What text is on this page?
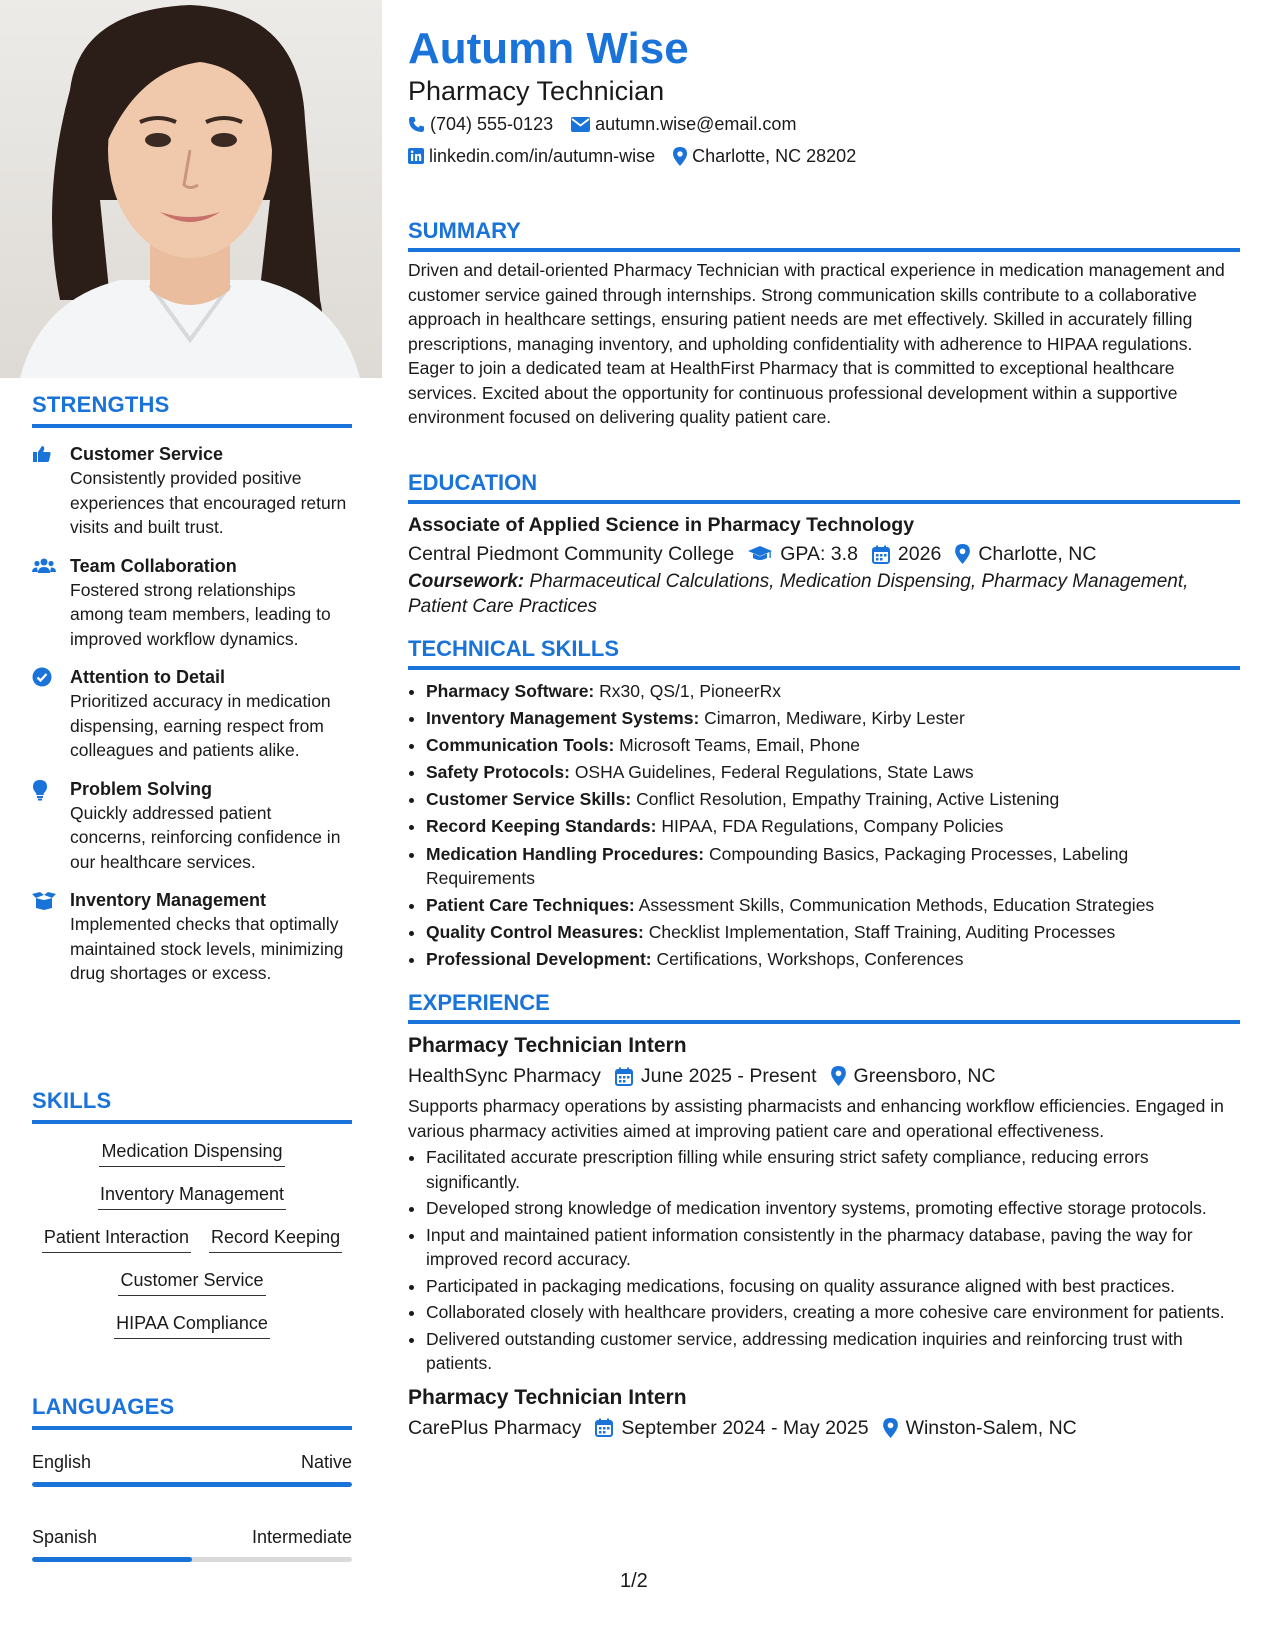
STRENGTHS
Customer Service
Consistently provided positive experiences that encouraged return visits and built trust.
Team Collaboration
Fostered strong relationships among team members, leading to improved workflow dynamics.
Attention to Detail
Prioritized accuracy in medication dispensing, earning respect from colleagues and patients alike.
Problem Solving
Quickly addressed patient concerns, reinforcing confidence in our healthcare services.
Inventory Management
Implemented checks that optimally maintained stock levels, minimizing drug shortages or excess.
SKILLS
Medication Dispensing
Inventory Management
Patient Interaction Record Keeping
Customer Service
HIPAA Compliance
LANGUAGES
English	Native
Spanish	Intermediate
Autumn Wise
Pharmacy Technician
(704) 555-0123 autumn.wise@email.com
linkedin.com/in/autumn-wise Charlotte, NC 28202
SUMMARY

Driven and detail-oriented Pharmacy Technician with practical experience in medication management and customer service gained through internships. Strong communication skills contribute to a collaborative approach in healthcare settings, ensuring patient needs are met effectively. Skilled in accurately filling prescriptions, managing inventory, and upholding confidentiality with adherence to HIPAA regulations. Eager to join a dedicated team at HealthFirst Pharmacy that is committed to exceptional healthcare services. Excited about the opportunity for continuous professional development within a supportive environment focused on delivering quality patient care.

EDUCATION
Associate of Applied Science in Pharmacy Technology
Central Piedmont Community College GPA: 3.8 2026 Charlotte, NC
Coursework: Pharmaceutical Calculations, Medication Dispensing, Pharmacy Management, Patient Care Practices
TECHNICAL SKILLS
• Pharmacy Software: Rx30, QS/1, PioneerRx
• Inventory Management Systems: Cimarron, Mediware, Kirby Lester
• Communication Tools: Microsoft Teams, Email, Phone
• Safety Protocols: OSHA Guidelines, Federal Regulations, State Laws
• Customer Service Skills: Conflict Resolution, Empathy Training, Active Listening
• Record Keeping Standards: HIPAA, FDA Regulations, Company Policies
• Medication Handling Procedures: Compounding Basics, Packaging Processes, Labeling Requirements
• Patient Care Techniques: Assessment Skills, Communication Methods, Education Strategies
• Quality Control Measures: Checklist Implementation, Staff Training, Auditing Processes
• Professional Development: Certifications, Workshops, Conferences
EXPERIENCE
Pharmacy Technician Intern
HealthSync Pharmacy June 2025 - Present Greensboro, NC

Supports pharmacy operations by assisting pharmacists and enhancing workflow efficiencies. Engaged in various pharmacy activities aimed at improving patient care and operational effectiveness.

• Facilitated accurate prescription filling while ensuring strict safety compliance, reducing errors significantly.
• Developed strong knowledge of medication inventory systems, promoting effective storage protocols.
• Input and maintained patient information consistently in the pharmacy database, paving the way for improved record accuracy.
• Participated in packaging medications, focusing on quality assurance aligned with best practices.
• Collaborated closely with healthcare providers, creating a more cohesive care environment for patients.
• Delivered outstanding customer service, addressing medication inquiries and reinforcing trust with patients.
Pharmacy Technician Intern
CarePlus Pharmacy September 2024 - May 2025 Winston-Salem, NC
1/2
